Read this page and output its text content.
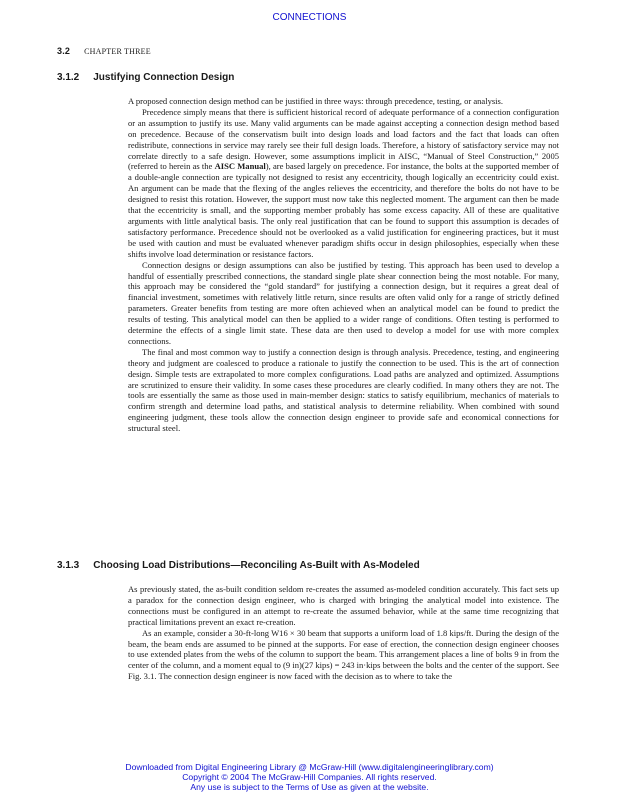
CONNECTIONS
3.2 CHAPTER THREE
3.1.2 Justifying Connection Design

A proposed connection design method can be justified in three ways: through precedence, testing, or analysis.

Precedence simply means that there is sufficient historical record of adequate performance of a connection configuration or an assumption to justify its use. Many valid arguments can be made against accepting a connection design method based on precedence. Because of the conservatism built into design loads and load factors and the fact that loads can often redistribute, connections in service may rarely see their full design loads. Therefore, a history of satisfactory service may not correlate directly to a safe design. However, some assumptions implicit in AISC, “Manual of Steel Construction,” 2005 (referred to herein as the AISC Manual), are based largely on precedence. For instance, the bolts at the supported member of a double-angle connection are typically not designed to resist any eccentricity, though logically an eccentricity could exist. An argument can be made that the flexing of the angles relieves the eccentricity, and therefore the bolts do not have to be designed to resist this rotation. However, the support must now take this neglected moment. The argument can then be made that the eccentricity is small, and the supporting member probably has some excess capacity. All of these are qualitative arguments with little analytical basis. The only real justification that can be found to support this assumption is decades of satisfactory performance. Precedence should not be overlooked as a valid justification for engineering practices, but it must be used with caution and must be evaluated whenever paradigm shifts occur in design philosophies, especially when these shifts involve load determination or resistance factors.

Connection designs or design assumptions can also be justified by testing. This approach has been used to develop a handful of essentially prescribed connections, the standard single plate shear connection being the most notable. For many, this approach may be considered the “gold standard” for justifying a connection design, but it requires a great deal of financial investment, sometimes with relatively little return, since results are often valid only for a range of strictly defined parameters. Greater benefits from testing are more often achieved when an analytical model can be found to predict the results of testing. This analytical model can then be applied to a wider range of conditions. Often testing is performed to determine the effects of a single limit state. These data are then used to develop a model for use with more complex connections.

The final and most common way to justify a connection design is through analysis. Precedence, testing, and engineering theory and judgment are coalesced to produce a rationale to justify the connection to be used. This is the art of connection design. Simple tests are extrapolated to more complex configurations. Load paths are analyzed and optimized. Assumptions are scrutinized to ensure their validity. In some cases these procedures are clearly codified. In many others they are not. The tools are essentially the same as those used in main-member design: statics to satisfy equilibrium, mechanics of materials to confirm strength and determine load paths, and statistical analysis to determine reliability. When combined with sound engineering judgment, these tools allow the connection design engineer to provide safe and economical connections for structural steel.

3.1.3 Choosing Load Distributions—Reconciling As-Built with As-Modeled

As previously stated, the as-built condition seldom re-creates the assumed as-modeled condition accurately. This fact sets up a paradox for the connection design engineer, who is charged with bringing the analytical model into existence. The connections must be configured in an attempt to re-create the assumed behavior, while at the same time recognizing that practical limitations prevent an exact re-creation.

As an example, consider a 30-ft-long W16 × 30 beam that supports a uniform load of 1.8 kips/ft. During the design of the beam, the beam ends are assumed to be pinned at the supports. For ease of erection, the connection design engineer chooses to use extended plates from the webs of the column to support the beam. This arrangement places a line of bolts 9 in from the center of the column, and a moment equal to (9 in)(27 kips) = 243 in·kips between the bolts and the center of the support. See Fig. 3.1. The connection design engineer is now faced with the decision as to where to take the

Downloaded from Digital Engineering Library @ McGraw-Hill (www.digitalengineeringlibrary.com)
Copyright © 2004 The McGraw-Hill Companies. All rights reserved.
Any use is subject to the Terms of Use as given at the website.
